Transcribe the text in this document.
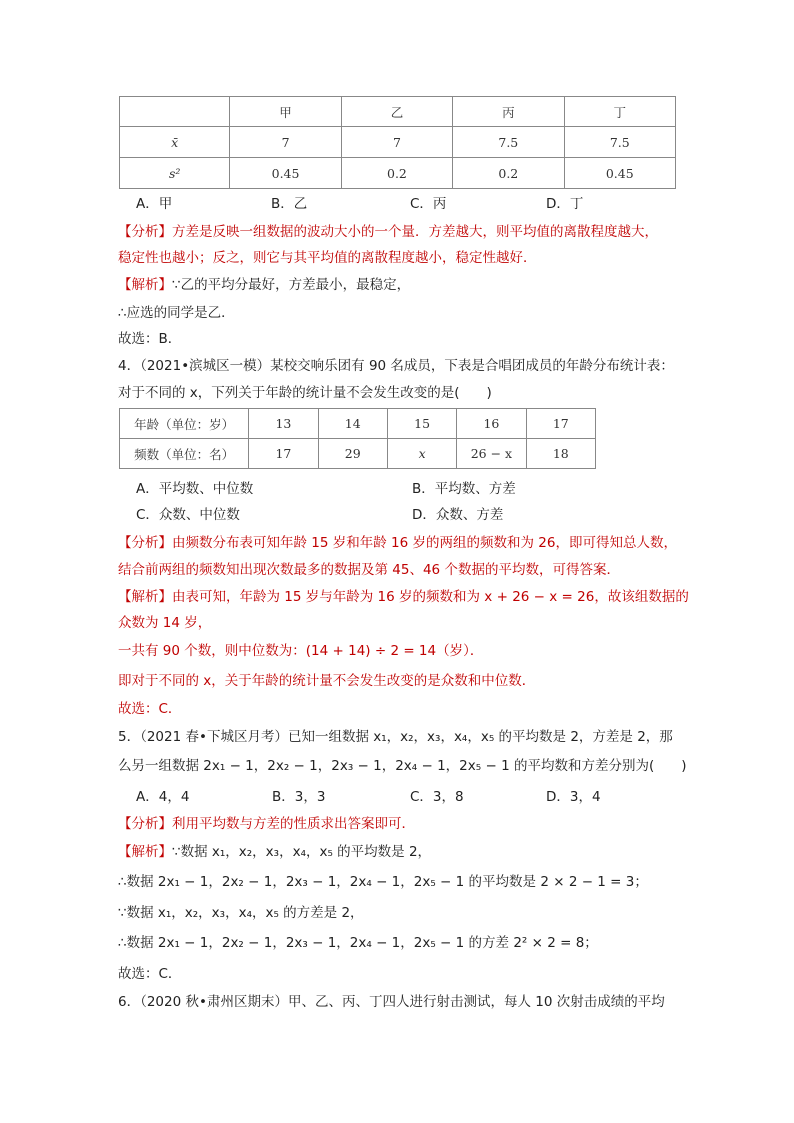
	甲	乙	丙	丁
x̄	7	7	7.5	7.5
s²	0.45	0.2	0.2	0.45
A．甲	B．乙	C．丙	D．丁
【分析】方差是反映一组数据的波动大小的一个量．方差越大，则平均值的离散程度越大，
稳定性也越小；反之，则它与其平均值的离散程度越小，稳定性越好．
【解析】∵乙的平均分最好，方差最小，最稳定，
∴应选的同学是乙．
故选：B．
4．（2021•滨城区一模）某校交响乐团有 90 名成员，下表是合唱团成员的年龄分布统计表：
对于不同的 x，下列关于年龄的统计量不会发生改变的是(　　)
年龄（单位：岁）	13	14	15	16	17
频数（单位：名）	17	29	x	26 − x	18
A．平均数、中位数	B．平均数、方差
C．众数、中位数	D．众数、方差
【分析】由频数分布表可知年龄 15 岁和年龄 16 岁的两组的频数和为 26，即可得知总人数，
结合前两组的频数知出现次数最多的数据及第 45、46 个数据的平均数，可得答案．
【解析】由表可知，年龄为 15 岁与年龄为 16 岁的频数和为 x + 26 − x = 26，故该组数据的
众数为 14 岁，
一共有 90 个数，则中位数为：(14 + 14) ÷ 2 = 14（岁）．
即对于不同的 x，关于年龄的统计量不会发生改变的是众数和中位数．
故选：C．
5．（2021 春•下城区月考）已知一组数据 x₁，x₂，x₃，x₄，x₅ 的平均数是 2，方差是 2，那
么另一组数据 2x₁ − 1，2x₂ − 1，2x₃ − 1，2x₄ − 1，2x₅ − 1 的平均数和方差分别为(　　)
A．4，4	B．3，3	C．3，8	D．3，4
【分析】利用平均数与方差的性质求出答案即可．
【解析】∵数据 x₁，x₂，x₃，x₄，x₅ 的平均数是 2，
∴数据 2x₁ − 1，2x₂ − 1，2x₃ − 1，2x₄ − 1，2x₅ − 1 的平均数是 2 × 2 − 1 = 3；
∵数据 x₁，x₂，x₃，x₄，x₅ 的方差是 2，
∴数据 2x₁ − 1，2x₂ − 1，2x₃ − 1，2x₄ − 1，2x₅ − 1 的方差 2² × 2 = 8；
故选：C．
6．（2020 秋•肃州区期末）甲、乙、丙、丁四人进行射击测试，每人 10 次射击成绩的平均
